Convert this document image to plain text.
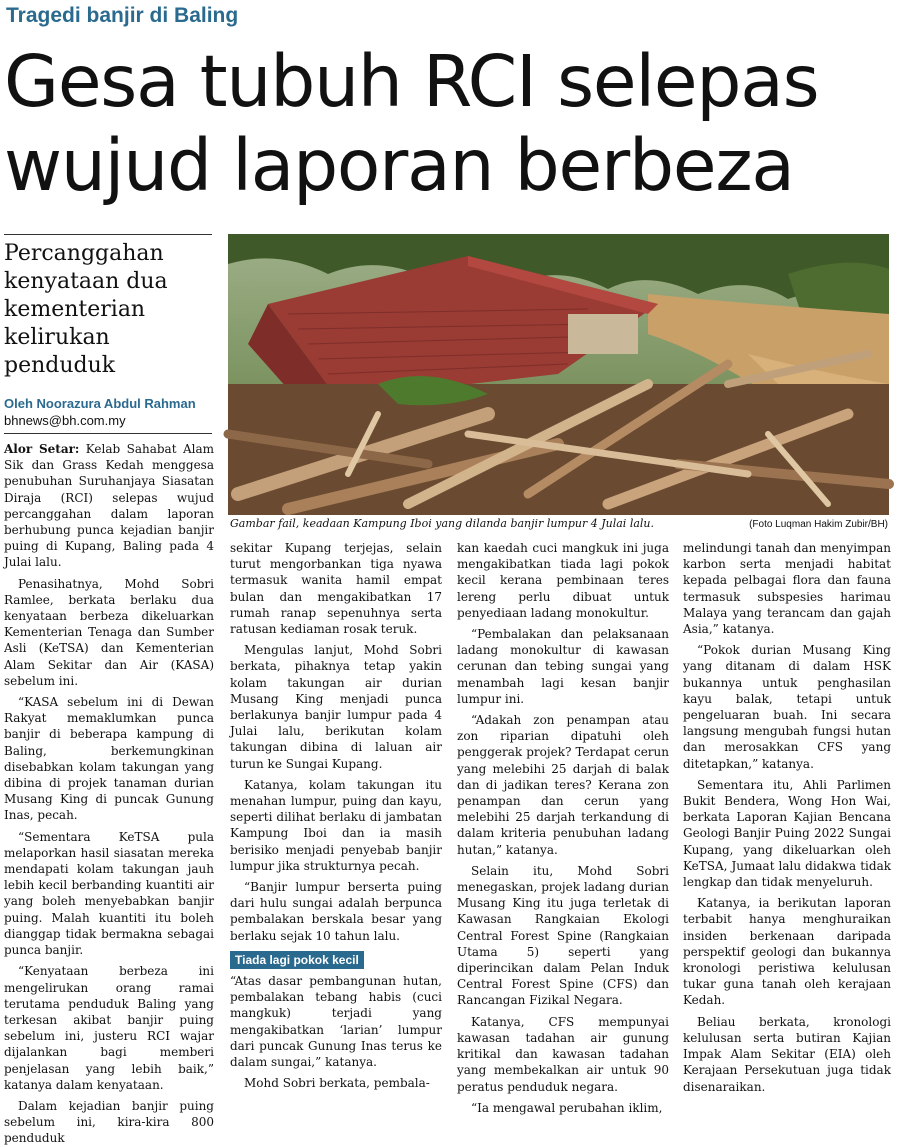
Tragedi banjir di Baling
Gesa tubuh RCI selepas wujud laporan berbeza
Percanggahan kenyataan dua kementerian kelirukan penduduk
Oleh Noorazura Abdul Rahman
bhnews@bh.com.my
Gambar fail, keadaan Kampung Iboi yang dilanda banjir lumpur 4 Julai lalu.	(Foto Luqman Hakim Zubir/BH)

Alor Setar: Kelab Sahabat Alam Sik dan Grass Kedah menggesa penubuhan Suruhanjaya Siasatan Diraja (RCI) selepas wujud percanggahan dalam laporan berhubung punca kejadian banjir puing di Kupang, Baling pada 4 Julai lalu.

Penasihatnya, Mohd Sobri Ramlee, berkata berlaku dua kenyataan berbeza dikeluarkan Kementerian Tenaga dan Sumber Asli (KeTSA) dan Kementerian Alam Sekitar dan Air (KASA) sebelum ini.

“KASA sebelum ini di Dewan Rakyat memaklumkan punca banjir di beberapa kampung di Baling, berkemungkinan disebabkan kolam takungan yang dibina di projek tanaman durian Musang King di puncak Gunung Inas, pecah.

“Sementara KeTSA pula melaporkan hasil siasatan mereka mendapati kolam takungan jauh lebih kecil berbanding kuantiti air yang boleh menyebabkan banjir puing. Malah kuantiti itu boleh dianggap tidak bermakna sebagai punca banjir.

“Kenyataan berbeza ini mengelirukan orang ramai terutama penduduk Baling yang terkesan akibat banjir puing sebelum ini, justeru RCI wajar dijalankan bagi memberi penjelasan yang lebih baik,” katanya dalam kenyataan.

Dalam kejadian banjir puing sebelum ini, kira-kira 800 penduduk

sekitar Kupang terjejas, selain turut mengorbankan tiga nyawa termasuk wanita hamil empat bulan dan mengakibatkan 17 rumah ranap sepenuhnya serta ratusan kediaman rosak teruk.

Mengulas lanjut, Mohd Sobri berkata, pihaknya tetap yakin kolam takungan air durian Musang King menjadi punca berlakunya banjir lumpur pada 4 Julai lalu, berikutan kolam takungan dibina di laluan air turun ke Sungai Kupang.

Katanya, kolam takungan itu menahan lumpur, puing dan kayu, seperti dilihat berlaku di jambatan Kampung Iboi dan ia masih berisiko menjadi penyebab banjir lumpur jika strukturnya pecah.

“Banjir lumpur berserta puing dari hulu sungai adalah berpunca pembalakan berskala besar yang berlaku sejak 10 tahun lalu.

Tiada lagi pokok kecil

“Atas dasar pembangunan hutan, pembalakan tebang habis (cuci mangkuk) terjadi yang mengakibatkan ‘larian’ lumpur dari puncak Gunung Inas terus ke dalam sungai,” katanya.

Mohd Sobri berkata, pembala-

kan kaedah cuci mangkuk ini juga mengakibatkan tiada lagi pokok kecil kerana pembinaan teres lereng perlu dibuat untuk penyediaan ladang monokultur.

“Pembalakan dan pelaksanaan ladang monokultur di kawasan cerunan dan tebing sungai yang menambah lagi kesan banjir lumpur ini.

“Adakah zon penampan atau zon riparian dipatuhi oleh penggerak projek? Terdapat cerun yang melebihi 25 darjah di balak dan di jadikan teres? Kerana zon penampan dan cerun yang melebihi 25 darjah terkandung di dalam kriteria penubuhan ladang hutan,” katanya.

Selain itu, Mohd Sobri menegaskan, projek ladang durian Musang King itu juga terletak di Kawasan Rangkaian Ekologi Central Forest Spine (Rangkaian Utama 5) seperti yang diperincikan dalam Pelan Induk Central Forest Spine (CFS) dan Rancangan Fizikal Negara.

Katanya, CFS mempunyai kawasan tadahan air gunung kritikal dan kawasan tadahan yang membekalkan air untuk 90 peratus penduduk negara.

“Ia mengawal perubahan iklim,

melindungi tanah dan menyimpan karbon serta menjadi habitat kepada pelbagai flora dan fauna termasuk subspesies harimau Malaya yang terancam dan gajah Asia,” katanya.

“Pokok durian Musang King yang ditanam di dalam HSK bukannya untuk penghasilan kayu balak, tetapi untuk pengeluaran buah. Ini secara langsung mengubah fungsi hutan dan merosakkan CFS yang ditetapkan,” katanya.

Sementara itu, Ahli Parlimen Bukit Bendera, Wong Hon Wai, berkata Laporan Kajian Bencana Geologi Banjir Puing 2022 Sungai Kupang, yang dikeluarkan oleh KeTSA, Jumaat lalu didakwa tidak lengkap dan tidak menyeluruh.

Katanya, ia berikutan laporan terbabit hanya menghuraikan insiden berkenaan daripada perspektif geologi dan bukannya kronologi peristiwa kelulusan tukar guna tanah oleh kerajaan Kedah.

Beliau berkata, kronologi kelulusan serta butiran Kajian Impak Alam Sekitar (EIA) oleh Kerajaan Persekutuan juga tidak disenaraikan.
